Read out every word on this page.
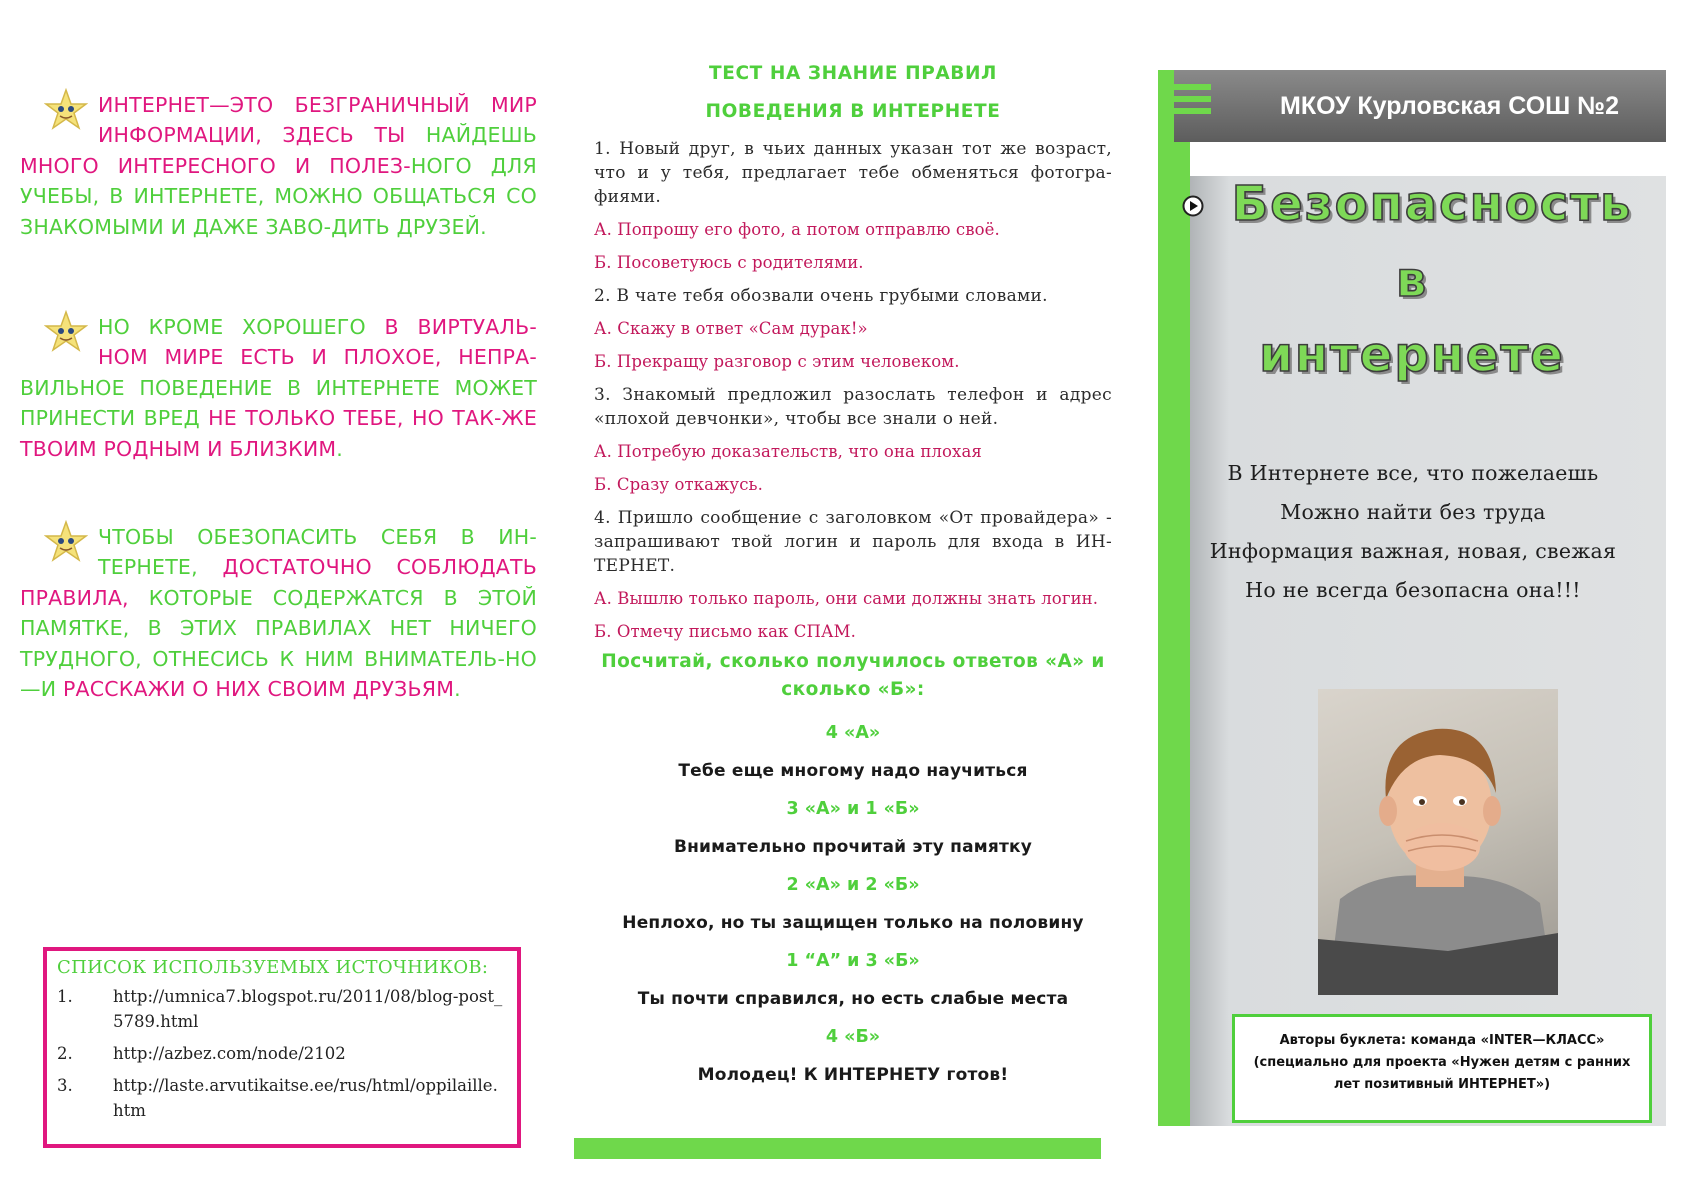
ИНТЕРНЕТ—ЭТО БЕЗГРАНИЧНЫЙ МИР ИНФОРМАЦИИ, ЗДЕСЬ ТЫ НАЙДЕШЬ МНОГО ИНТЕРЕСНОГО И ПОЛЕЗ-НОГО ДЛЯ УЧЕБЫ, В ИНТЕРНЕТЕ, МОЖНО ОБЩАТЬСЯ СО ЗНАКОМЫМИ И ДАЖЕ ЗАВО-ДИТЬ ДРУЗЕЙ.
НО КРОМЕ ХОРОШЕГО В ВИРТУАЛЬ-НОМ МИРЕ ЕСТЬ И ПЛОХОЕ, НЕПРА-ВИЛЬНОЕ ПОВЕДЕНИЕ В ИНТЕРНЕТЕ МОЖЕТ ПРИНЕСТИ ВРЕД НЕ ТОЛЬКО ТЕБЕ, НО ТАК-ЖЕ ТВОИМ РОДНЫМ И БЛИЗКИМ.
ЧТОБЫ ОБЕЗОПАСИТЬ СЕБЯ В ИН-ТЕРНЕТЕ, ДОСТАТОЧНО СОБЛЮДАТЬ ПРАВИЛА, КОТОРЫЕ СОДЕРЖАТСЯ В ЭТОЙ ПАМЯТКЕ, В ЭТИХ ПРАВИЛАХ НЕТ НИЧЕГО ТРУДНОГО, ОТНЕСИСЬ К НИМ ВНИМАТЕЛЬ-НО—И РАССКАЖИ О НИХ СВОИМ ДРУЗЬЯМ.
СПИСОК ИСПОЛЬЗУЕМЫХ ИСТОЧНИКОВ:
1.	http://umnica7.blogspot.ru/2011/08/blog-post_5789.html
2.	http://azbez.com/node/2102
3.	http://laste.arvutikaitse.ee/rus/html/oppilaille.htm
ТЕСТ НА ЗНАНИЕ ПРАВИЛ
ПОВЕДЕНИЯ В ИНТЕРНЕТЕ
1. Новый друг, в чьих данных указан тот же возраст, что и у тебя, предлагает тебе обменяться фотогра-фиями.
А. Попрошу его фото, а потом отправлю своё.
Б. Посоветуюсь с родителями.
2. В чате тебя обозвали очень грубыми словами.
А. Скажу в ответ «Сам дурак!»
Б. Прекращу разговор с этим человеком.
3. Знакомый предложил разослать телефон и адрес «плохой девчонки», чтобы все знали о ней.
А. Потребую доказательств, что она плохая
Б. Сразу откажусь.
4. Пришло сообщение с заголовком «От провайдера» - запрашивают твой логин и пароль для входа в ИН-ТЕРНЕТ.
А. Вышлю только пароль, они сами должны знать логин.
Б. Отмечу письмо как СПАМ.
Посчитай, сколько получилось ответов «А» и сколько «Б»:
4 «А»
Тебе еще многому надо научиться
3 «А» и 1 «Б»
Внимательно прочитай эту памятку
2 «А» и 2 «Б»
Неплохо, но ты защищен только на половину
1 “А” и 3 «Б»
Ты почти справился, но есть слабые места
4 «Б»
Молодец! К ИНТЕРНЕТУ готов!
МКОУ Курловская СОШ №2
Безопасность
в
интернете
В Интернете все, что пожелаешь
Можно найти без труда
Информация важная, новая, свежая
Но не всегда безопасна она!!!
Авторы буклета: команда «INTER—КЛАСС»
(специально для проекта «Нужен детям с ранних
лет позитивный ИНТЕРНЕТ»)
